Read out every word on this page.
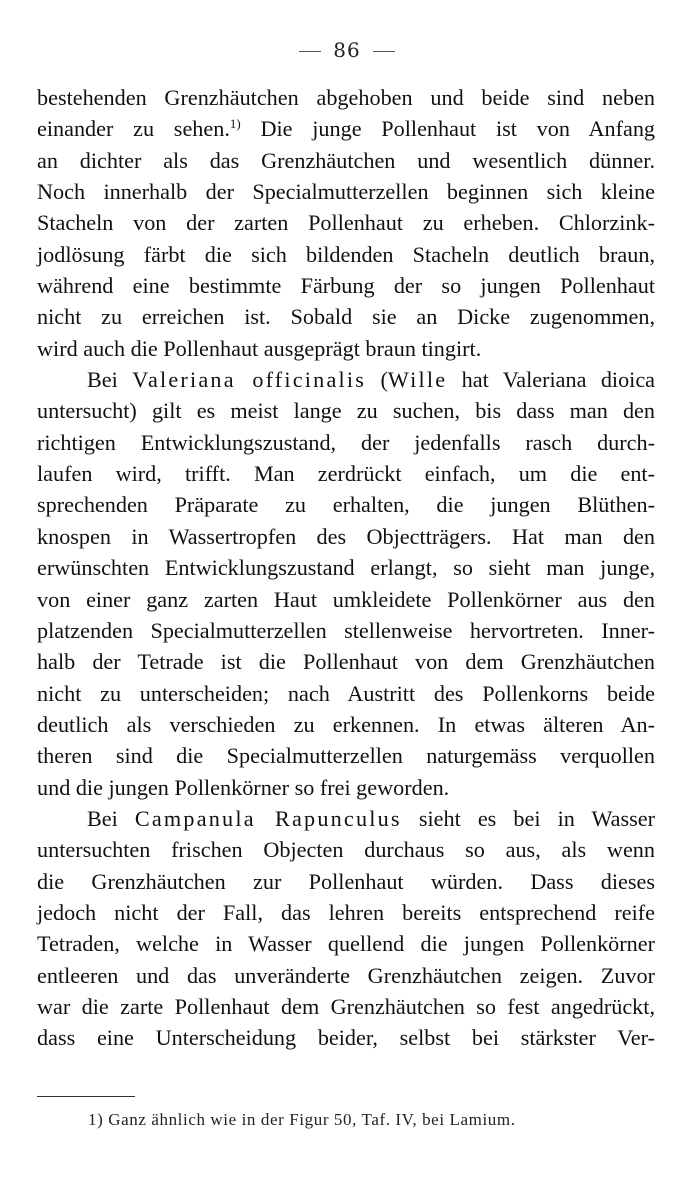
86
bestehenden Grenzhäutchen abgehoben und beide sind neben
einander zu sehen.$^{1)}$ Die junge Pollenhaut ist von Anfang
an dichter als das Grenzhäutchen und wesentlich dünner.
Noch innerhalb der Specialmutterzellen beginnen sich kleine
Stacheln von der zarten Pollenhaut zu erheben. Chlorzink-
jodlösung färbt die sich bildenden Stacheln deutlich braun,
während eine bestimmte Färbung der so jungen Pollenhaut
nicht zu erreichen ist. Sobald sie an Dicke zugenommen,
wird auch die Pollenhaut ausgeprägt braun tingirt.
Bei Valeriana officinalis (Wille hat Valeriana dioica
untersucht) gilt es meist lange zu suchen, bis dass man den
richtigen Entwicklungszustand, der jedenfalls rasch durch-
laufen wird, trifft. Man zerdrückt einfach, um die ent-
sprechenden Präparate zu erhalten, die jungen Blüthen-
knospen in Wassertropfen des Objectträgers. Hat man den
erwünschten Entwicklungszustand erlangt, so sieht man junge,
von einer ganz zarten Haut umkleidete Pollenkörner aus den
platzenden Specialmutterzellen stellenweise hervortreten. Inner-
halb der Tetrade ist die Pollenhaut von dem Grenzhäutchen
nicht zu unterscheiden; nach Austritt des Pollenkorns beide
deutlich als verschieden zu erkennen. In etwas älteren An-
theren sind die Specialmutterzellen naturgemäss verquollen
und die jungen Pollenkörner so frei geworden.
Bei Campanula Rapunculus sieht es bei in Wasser
untersuchten frischen Objecten durchaus so aus, als wenn
die Grenzhäutchen zur Pollenhaut würden. Dass dieses
jedoch nicht der Fall, das lehren bereits entsprechend reife
Tetraden, welche in Wasser quellend die jungen Pollenkörner
entleeren und das unveränderte Grenzhäutchen zeigen. Zuvor
war die zarte Pollenhaut dem Grenzhäutchen so fest angedrückt,
dass eine Unterscheidung beider, selbst bei stärkster Ver-
1) Ganz ähnlich wie in der Figur 50, Taf. IV, bei Lamium.
